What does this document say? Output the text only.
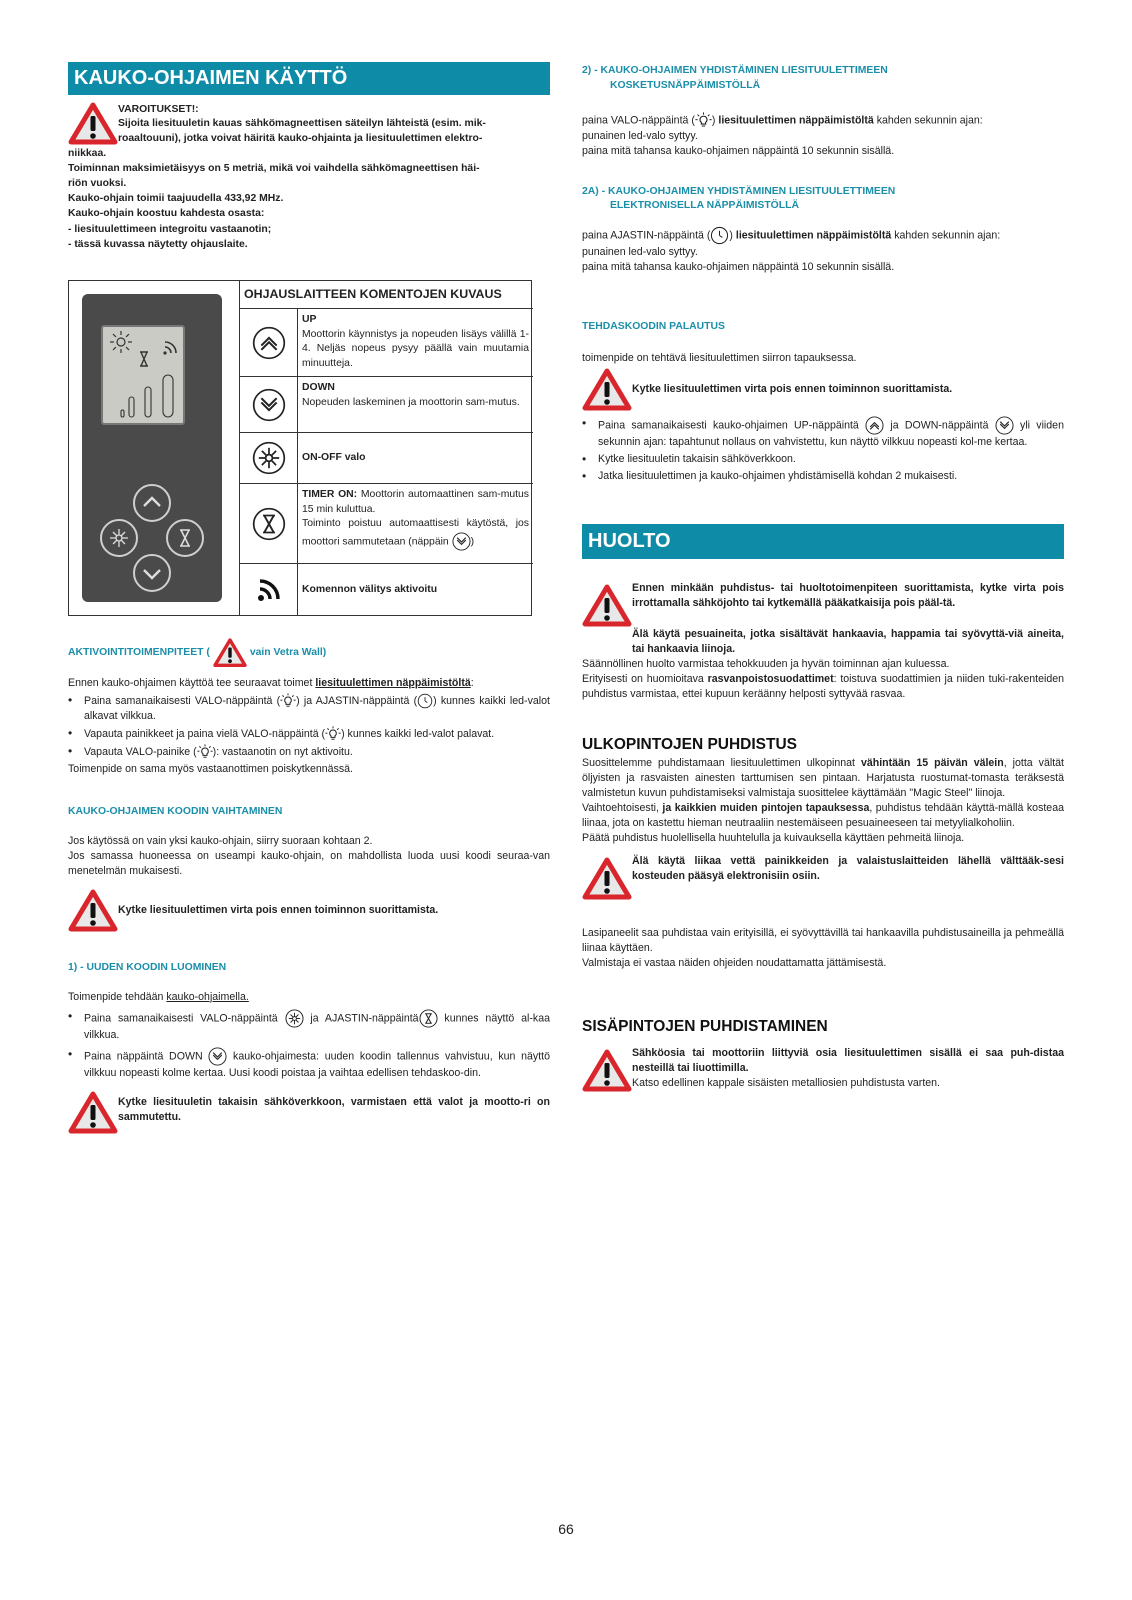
KAUKO-OHJAIMEN KÄYTTÖ
VAROITUKSET!:
Sijoita liesituuletin kauas sähkömagneettisen säteilyn lähteistä (esim. mik-
roaaltouuni), jotka voivat häiritä kauko-ohjainta ja liesituulettimen elektro-
niikkaa.
Toiminnan maksimietäisyys on 5 metriä, mikä voi vaihdella sähkömagneettisen häi-
riön vuoksi.
Kauko-ohjain toimii taajuudella 433,92 MHz.
Kauko-ohjain koostuu kahdesta osasta:
- liesituulettimeen integroitu vastaanotin;
- tässä kuvassa näytetty ohjauslaite.
OHJAUSLAITTEEN KOMENTOJEN KUVAUS
UP
Moottorin käynnistys ja nopeuden lisäys välillä 1-4. Neljäs nopeus pysyy päällä vain muutamia minuutteja.
DOWN
Nopeuden laskeminen ja moottorin sam-mutus.
ON-OFF valo
TIMER ON: Moottorin automaattinen sam-mutus 15 min kuluttua.
Toiminto poistuu automaattisesti käytöstä, jos moottori sammutetaan (näppäin )
Komennon välitys aktivoitu
AKTIVOINTITOIMENPITEET (	vain Vetra Wall)
Ennen kauko-ohjaimen käyttöä tee seuraavat toimet liesituulettimen näppäimistöltä:
• Paina samanaikaisesti VALO-näppäintä ( ) ja AJASTIN-näppäintä ( ) kunnes kaikki led-valot alkavat vilkkua.
• Vapauta painikkeet ja paina vielä VALO-näppäintä ( ) kunnes kaikki led-valot palavat.
• Vapauta VALO-painike ( ): vastaanotin on nyt aktivoitu.
Toimenpide on sama myös vastaanottimen poiskytkennässä.
KAUKO-OHJAIMEN KOODIN VAIHTAMINEN
Jos käytössä on vain yksi kauko-ohjain, siirry suoraan kohtaan 2.
Jos samassa huoneessa on useampi kauko-ohjain, on mahdollista luoda uusi koodi seuraa-van menetelmän mukaisesti.
Kytke liesituulettimen virta pois ennen toiminnon suorittamista.
1) - UUDEN KOODIN LUOMINEN
Toimenpide tehdään kauko-ohjaimella.
• Paina samanaikaisesti VALO-näppäintä	ja AJASTIN-näppäintä kunnes näyttö al-kaa vilkkua.
• Paina näppäintä DOWN	kauko-ohjaimesta: uuden koodin tallennus vahvistuu, kun näyttö vilkkuu nopeasti kolme kertaa. Uusi koodi poistaa ja vaihtaa edellisen tehdaskoo-din.
Kytke liesituuletin takaisin sähköverkkoon, varmistaen että valot ja mootto-ri on sammutettu.
2) - KAUKO-OHJAIMEN YHDISTÄMINEN LIESITUULETTIMEEN
KOSKETUSNÄPPÄIMISTÖLLÄ
paina VALO-näppäintä ( ) liesituulettimen näppäimistöltä kahden sekunnin ajan:
punainen led-valo syttyy.
paina mitä tahansa kauko-ohjaimen näppäintä 10 sekunnin sisällä.
2A) - KAUKO-OHJAIMEN YHDISTÄMINEN LIESITUULETTIMEEN
ELEKTRONISELLA NÄPPÄIMISTÖLLÄ
paina AJASTIN-näppäintä ( ) liesituulettimen näppäimistöltä kahden sekunnin ajan:
punainen led-valo syttyy.
paina mitä tahansa kauko-ohjaimen näppäintä 10 sekunnin sisällä.
TEHDASKOODIN PALAUTUS
toimenpide on tehtävä liesituulettimen siirron tapauksessa.
Kytke liesituulettimen virta pois ennen toiminnon suorittamista.
• Paina samanaikaisesti kauko-ohjaimen UP-näppäintä	ja DOWN-näppäintä	yli viiden sekunnin ajan: tapahtunut nollaus on vahvistettu, kun näyttö vilkkuu nopeasti kol-me kertaa.
• Kytke liesituuletin takaisin sähköverkkoon.
• Jatka liesituulettimen ja kauko-ohjaimen yhdistämisellä kohdan 2 mukaisesti.
HUOLTO
Ennen minkään puhdistus- tai huoltotoimenpiteen suorittamista, kytke virta pois irrottamalla sähköjohto tai kytkemällä pääkatkaisija pois pääl-tä.
Älä käytä pesuaineita, jotka sisältävät hankaavia, happamia tai syövyttä-viä aineita, tai hankaavia liinoja.
Säännöllinen huolto varmistaa tehokkuuden ja hyvän toiminnan ajan kuluessa.
Erityisesti on huomioitava rasvanpoistosuodattimet: toistuva suodattimien ja niiden tuki-rakenteiden puhdistus varmistaa, ettei kupuun keräänny helposti syttyvää rasvaa.
ULKOPINTOJEN PUHDISTUS
Suosittelemme puhdistamaan liesituulettimen ulkopinnat vähintään 15 päivän välein, jotta vältät öljyisten ja rasvaisten ainesten tarttumisen sen pintaan. Harjatusta ruostumat-tomasta teräksestä valmistetun kuvun puhdistamiseksi valmistaja suosittelee käyttämään "Magic Steel" liinoja.
Vaihtoehtoisesti, ja kaikkien muiden pintojen tapauksessa, puhdistus tehdään käyttä-mällä kosteaa liinaa, jota on kastettu hieman neutraaliin nestemäiseen pesuaineeseen tai metyylialkoholiin.
Päätä puhdistus huolellisella huuhtelulla ja kuivauksella käyttäen pehmeitä liinoja.
Älä käytä liikaa vettä painikkeiden ja valaistuslaitteiden lähellä välttääk-sesi kosteuden pääsyä elektronisiin osiin.
Lasipaneelit saa puhdistaa vain erityisillä, ei syövyttävillä tai hankaavilla puhdistusaineilla ja pehmeällä liinaa käyttäen.
Valmistaja ei vastaa näiden ohjeiden noudattamatta jättämisestä.
SISÄPINTOJEN PUHDISTAMINEN
Sähköosia tai moottoriin liittyviä osia liesituulettimen sisällä ei saa puh-distaa nesteillä tai liuottimilla.
Katso edellinen kappale sisäisten metalliosien puhdistusta varten.
66
